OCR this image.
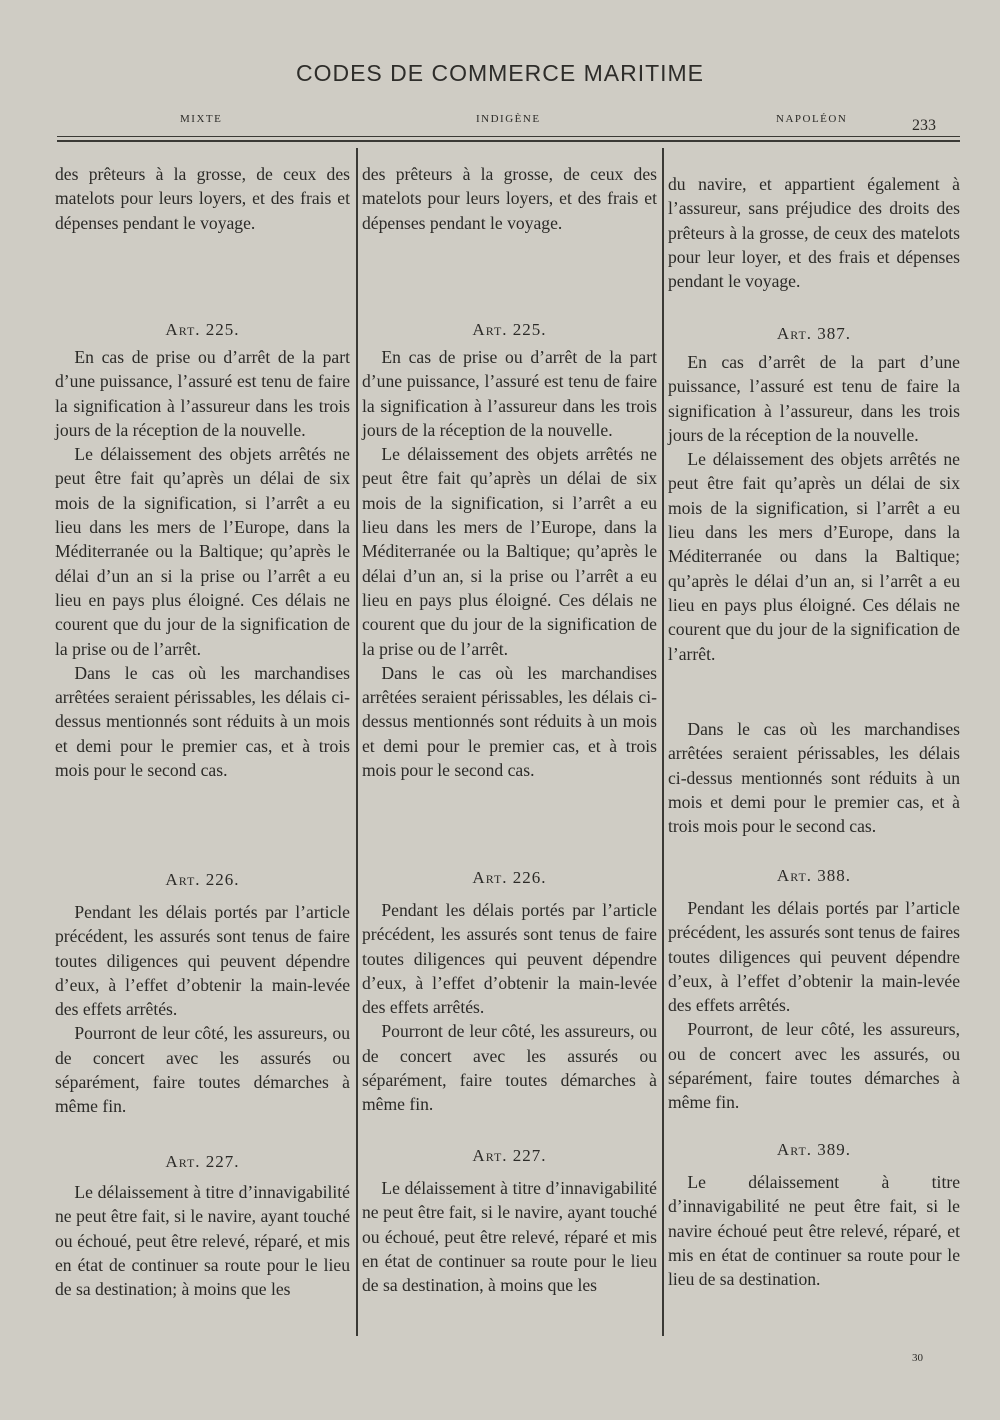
CODES DE COMMERCE MARITIME
MIXTE	INDIGÈNE	NAPOLÉON	233

des prêteurs à la grosse, de ceux des matelots pour leurs loyers, et des frais et dépenses pendant le voyage.

Art. 225.

En cas de prise ou d’arrêt de la part d’une puissance, l’assuré est tenu de faire la signification à l’assureur dans les trois jours de la réception de la nouvelle.

Le délaissement des objets arrêtés ne peut être fait qu’après un délai de six mois de la signification, si l’arrêt a eu lieu dans les mers de l’Europe, dans la Méditerranée ou la Baltique; qu’après le délai d’un an si la prise ou l’arrêt a eu lieu en pays plus éloigné. Ces délais ne courent que du jour de la signification de la prise ou de l’arrêt.

Dans le cas où les marchandises arrêtées seraient périssables, les délais ci-dessus mentionnés sont réduits à un mois et demi pour le premier cas, et à trois mois pour le second cas.

Art. 226.

Pendant les délais portés par l’article précédent, les assurés sont tenus de faire toutes diligences qui peuvent dépendre d’eux, à l’effet d’obtenir la main-levée des effets arrêtés.

Pourront de leur côté, les assureurs, ou de concert avec les assurés ou séparément, faire toutes démarches à même fin.

Art. 227.

Le délaissement à titre d’innavigabilité ne peut être fait, si le navire, ayant touché ou échoué, peut être relevé, réparé, et mis en état de continuer sa route pour le lieu de sa destination; à moins que les

des prêteurs à la grosse, de ceux des matelots pour leurs loyers, et des frais et dépenses pendant le voyage.

Art. 225.

En cas de prise ou d’arrêt de la part d’une puissance, l’assuré est tenu de faire la signification à l’assureur dans les trois jours de la réception de la nouvelle.

Le délaissement des objets arrêtés ne peut être fait qu’après un délai de six mois de la signification, si l’arrêt a eu lieu dans les mers de l’Europe, dans la Méditerranée ou la Baltique; qu’après le délai d’un an, si la prise ou l’arrêt a eu lieu en pays plus éloigné. Ces délais ne courent que du jour de la signification de la prise ou de l’arrêt.

Dans le cas où les marchandises arrêtées seraient périssables, les délais ci-dessus mentionnés sont réduits à un mois et demi pour le premier cas, et à trois mois pour le second cas.

Art. 226.

Pendant les délais portés par l’article précédent, les assurés sont tenus de faire toutes diligences qui peuvent dépendre d’eux, à l’effet d’obtenir la main-levée des effets arrêtés.

Pourront de leur côté, les assureurs, ou de concert avec les assurés ou séparément, faire toutes démarches à même fin.

Art. 227.

Le délaissement à titre d’innavigabilité ne peut être fait, si le navire, ayant touché ou échoué, peut être relevé, réparé et mis en état de continuer sa route pour le lieu de sa destination, à moins que les

du navire, et appartient également à l’assureur, sans préjudice des droits des prêteurs à la grosse, de ceux des matelots pour leur loyer, et des frais et dépenses pendant le voyage.

Art. 387.

En cas d’arrêt de la part d’une puissance, l’assuré est tenu de faire la signification à l’assureur, dans les trois jours de la réception de la nouvelle.

Le délaissement des objets arrêtés ne peut être fait qu’après un délai de six mois de la signification, si l’arrêt a eu lieu dans les mers d’Europe, dans la Méditerranée ou dans la Baltique; qu’après le délai d’un an, si l’arrêt a eu lieu en pays plus éloigné. Ces délais ne courent que du jour de la signification de l’arrêt.

Dans le cas où les marchandises arrêtées seraient périssables, les délais ci-dessus mentionnés sont réduits à un mois et demi pour le premier cas, et à trois mois pour le second cas.

Art. 388.

Pendant les délais portés par l’article précédent, les assurés sont tenus de faires toutes diligences qui peuvent dépendre d’eux, à l’effet d’obtenir la main-levée des effets arrêtés.

Pourront, de leur côté, les assureurs, ou de concert avec les assurés, ou séparément, faire toutes démarches à même fin.

Art. 389.

Le délaissement à titre d’innavigabilité ne peut être fait, si le navire échoué peut être relevé, réparé, et mis en état de continuer sa route pour le lieu de sa destination.

30
